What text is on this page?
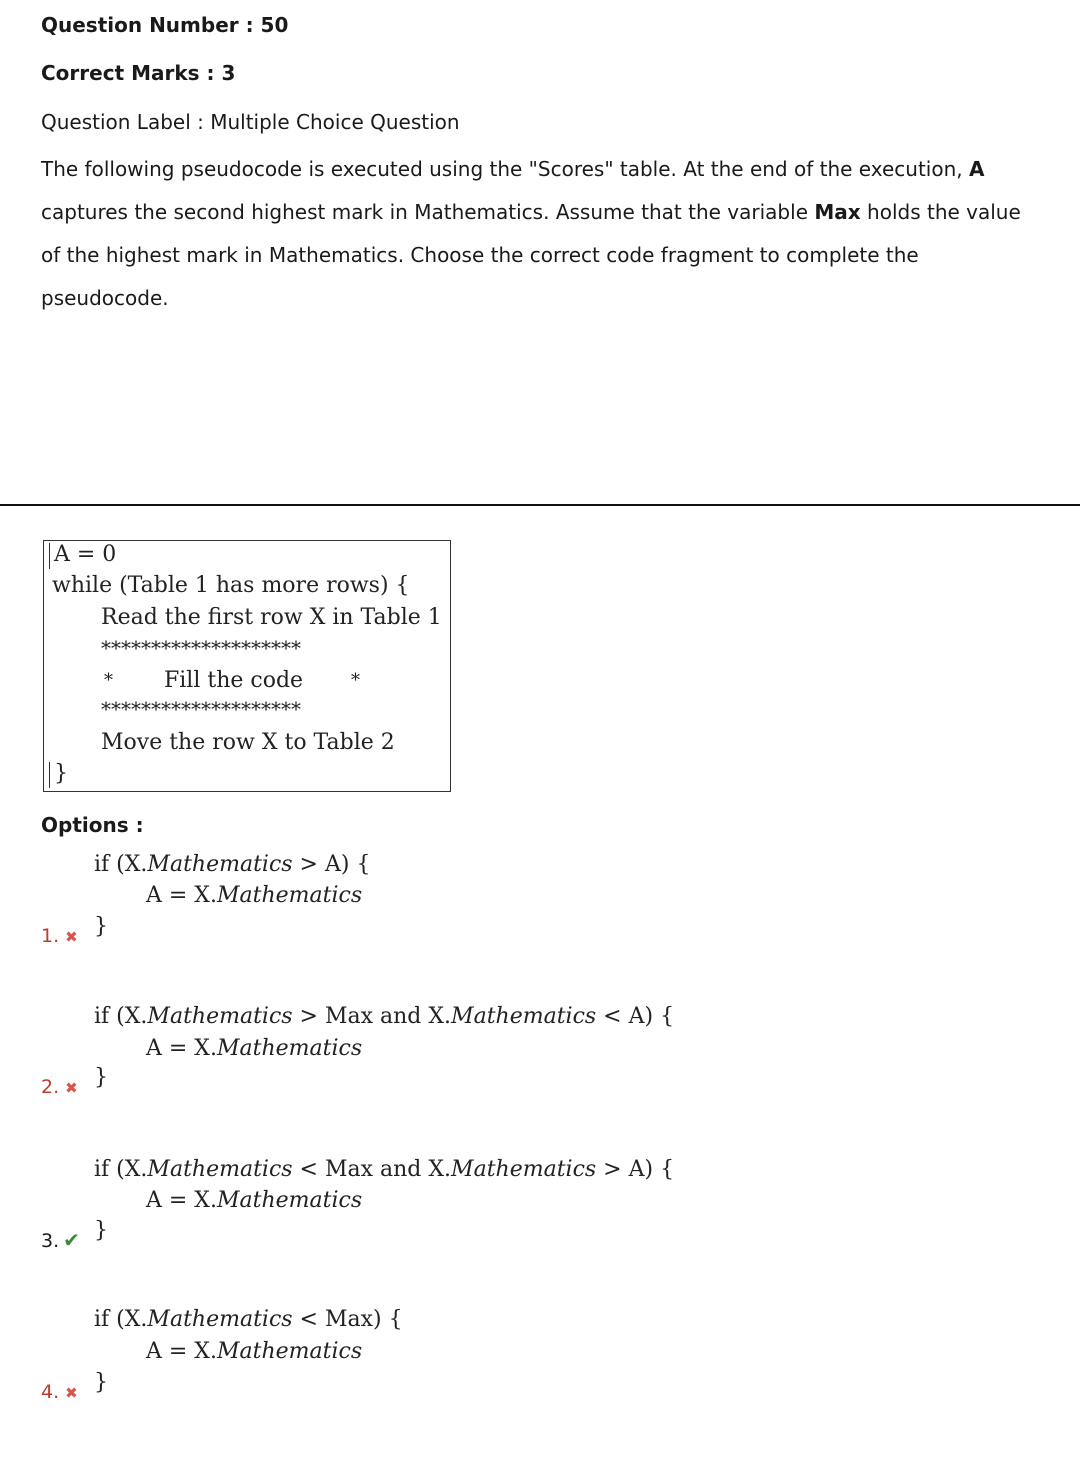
Question Number : 50
Correct Marks : 3
Question Label : Multiple Choice Question
The following pseudocode is executed using the "Scores" table. At the end of the execution, A captures the second highest mark in Mathematics. Assume that the variable Max holds the value of the highest mark in Mathematics. Choose the correct code fragment to complete the pseudocode.
A = 0
while (Table 1 has more rows) {
Read the first row X in Table 1
********************
* Fill the code	*
********************
Move the row X to Table 2
}
Options :
if (X.Mathematics > A) {
A = X.Mathematics
1. ✖ }
if (X.Mathematics > Max and X.Mathematics < A) {
A = X.Mathematics
2. ✖ }
if (X.Mathematics < Max and X.Mathematics > A) {
A = X.Mathematics
3. ✔ }
if (X.Mathematics < Max) {
A = X.Mathematics
4. ✖ }
